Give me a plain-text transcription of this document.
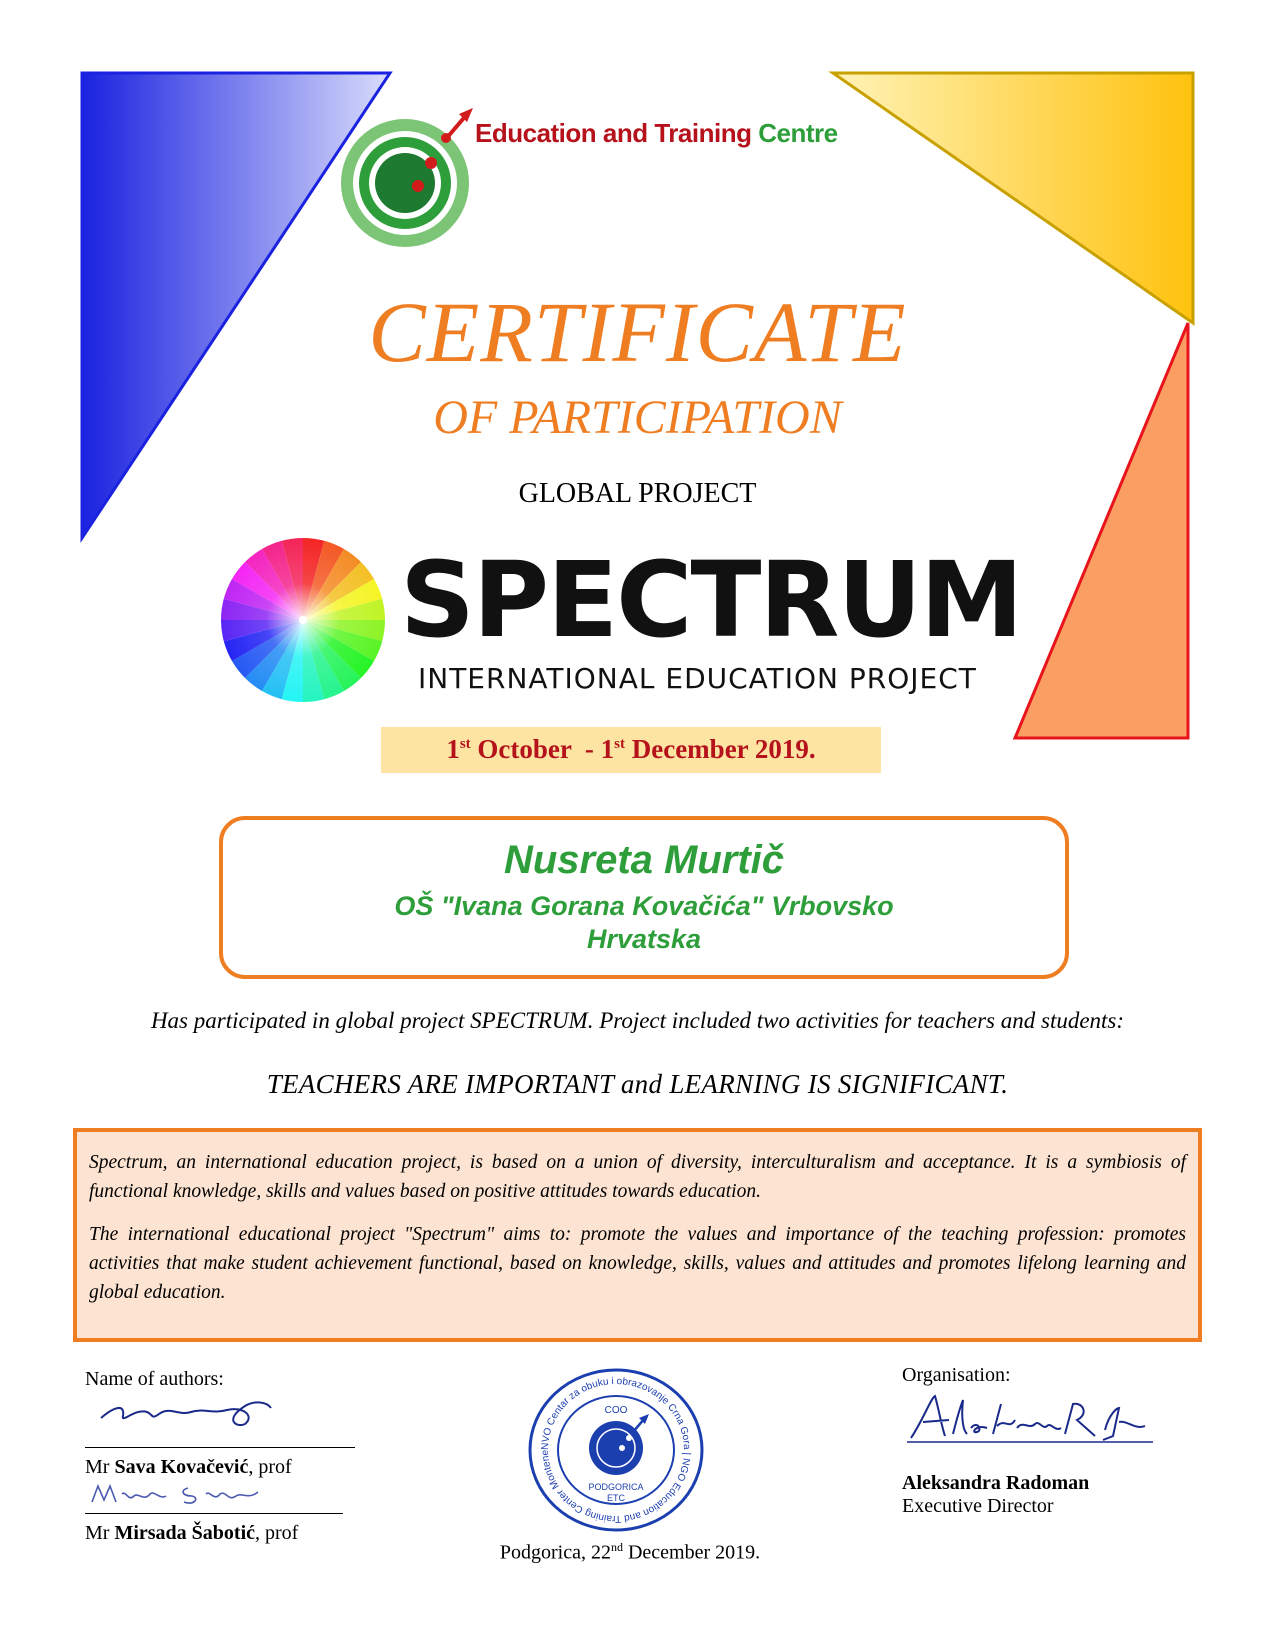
Education and Training Centre
CERTIFICATE
OF PARTICIPATION
GLOBAL PROJECT
SPECTRUM
INTERNATIONAL EDUCATION PROJECT
1st October - 1st December 2019.
Nusreta Murtič
OŠ "Ivana Gorana Kovačića" Vrbovsko
Hrvatska
Has participated in global project SPECTRUM. Project included two activities for teachers and students:
TEACHERS ARE IMPORTANT and LEARNING IS SIGNIFICANT.

Spectrum, an international education project, is based on a union of diversity, interculturalism and acceptance. It is a symbiosis of functional knowledge, skills and values based on positive attitudes towards education.

The international educational project "Spectrum" aims to: promote the values and importance of the teaching profession: promotes activities that make student achievement functional, based on knowledge, skills, values and attitudes and promotes lifelong learning and global education.

Name of authors:
Mr Sava Kovačević, prof
Mr Mirsada Šabotić, prof
NVO Centar za obuku i obrazovanje Crna Gora | NGO Education and Training Center Montene
COO
PODGORICA
ETC
Podgorica, 22nd December 2019.
Organisation:
Aleksandra Radoman
Executive Director
